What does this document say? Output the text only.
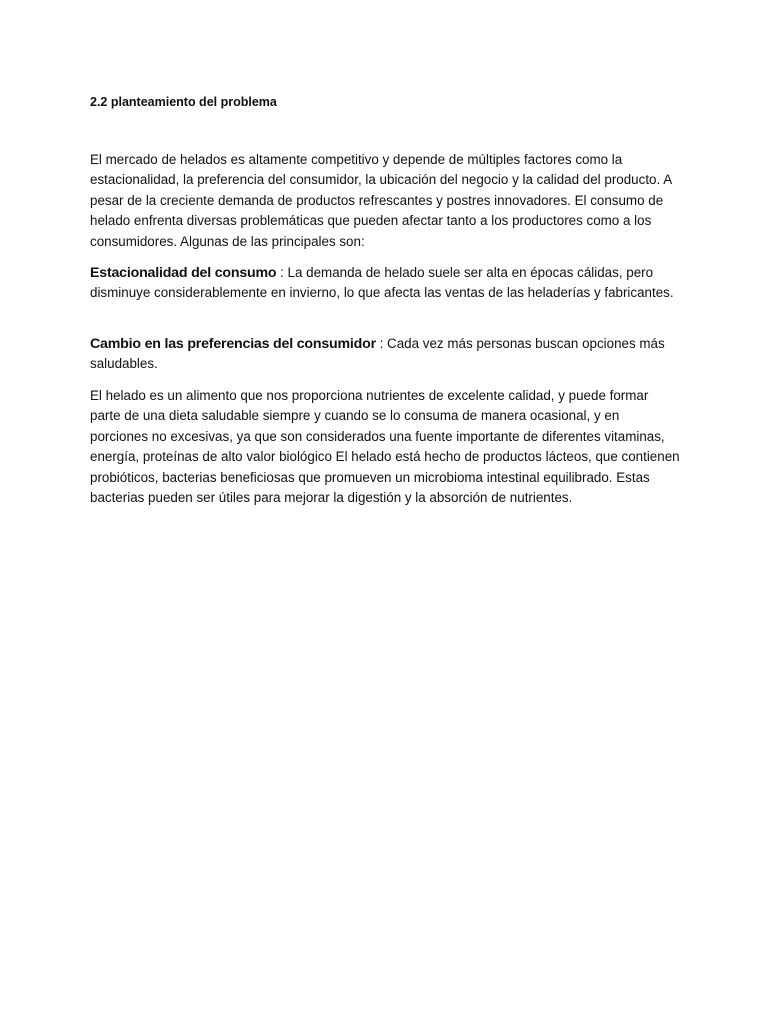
2.2 planteamiento del problema

El mercado de helados es altamente competitivo y depende de múltiples factores como la estacionalidad, la preferencia del consumidor, la ubicación del negocio y la calidad del producto. A pesar de la creciente demanda de productos refrescantes y postres innovadores. El consumo de helado enfrenta diversas problemáticas que pueden afectar tanto a los productores como a los consumidores. Algunas de las principales son:

Estacionalidad del consumo : La demanda de helado suele ser alta en épocas cálidas, pero disminuye considerablemente en invierno, lo que afecta las ventas de las heladerías y fabricantes.

Cambio en las preferencias del consumidor : Cada vez más personas buscan opciones más saludables.

El helado es un alimento que nos proporciona nutrientes de excelente calidad, y puede formar parte de una dieta saludable siempre y cuando se lo consuma de manera ocasional, y en porciones no excesivas, ya que son considerados una fuente importante de diferentes vitaminas, energía, proteínas de alto valor biológico El helado está hecho de productos lácteos, que contienen probióticos, bacterias beneficiosas que promueven un microbioma intestinal equilibrado. Estas bacterias pueden ser útiles para mejorar la digestión y la absorción de nutrientes.
